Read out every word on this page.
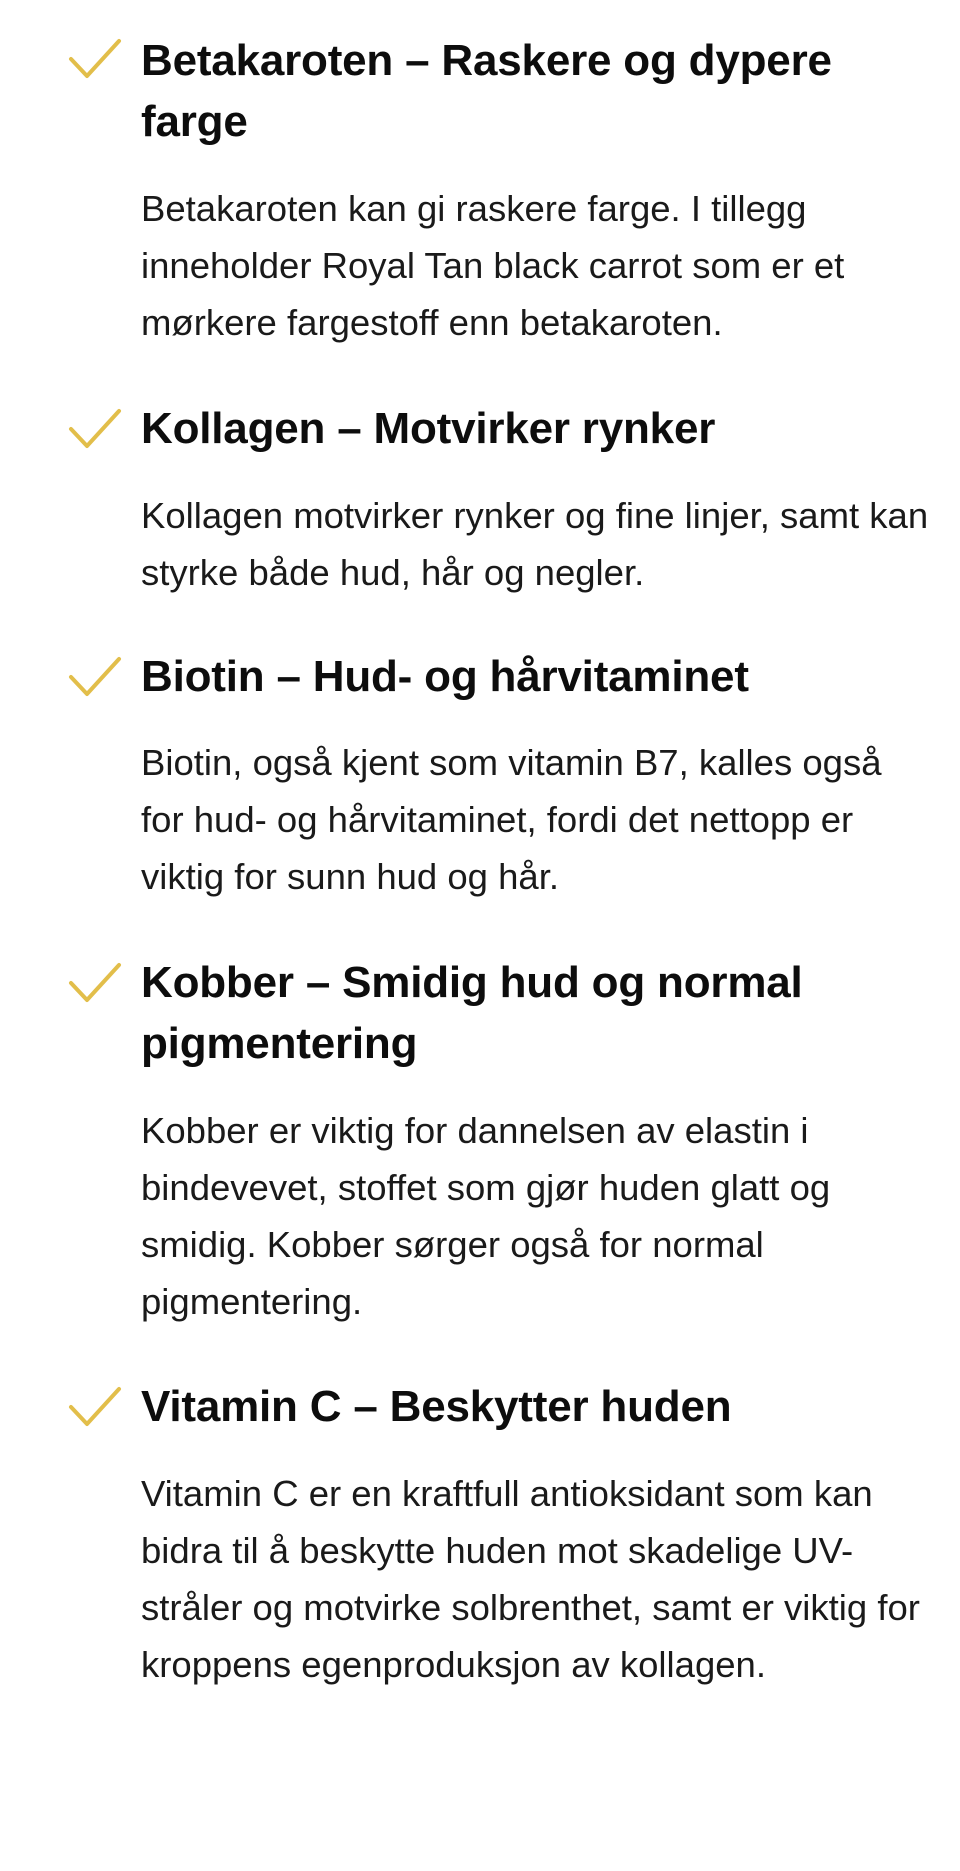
Betakaroten – Raskere og dypere farge

Betakaroten kan gi raskere farge. I tillegg inneholder Royal Tan black carrot som er et mørkere fargestoff enn betakaroten.

Kollagen – Motvirker rynker

Kollagen motvirker rynker og fine linjer, samt kan styrke både hud, hår og negler.

Biotin – Hud- og hårvitaminet

Biotin, også kjent som vitamin B7, kalles også for hud- og hårvitaminet, fordi det nettopp er viktig for sunn hud og hår.

Kobber – Smidig hud og normal pigmentering

Kobber er viktig for dannelsen av elastin i bindevevet, stoffet som gjør huden glatt og smidig. Kobber sørger også for normal pigmentering.

Vitamin C – Beskytter huden

Vitamin C er en kraftfull antioksidant som kan bidra til å beskytte huden mot skadelige UV-stråler og motvirke solbrenthet, samt er viktig for kroppens egenproduksjon av kollagen.
